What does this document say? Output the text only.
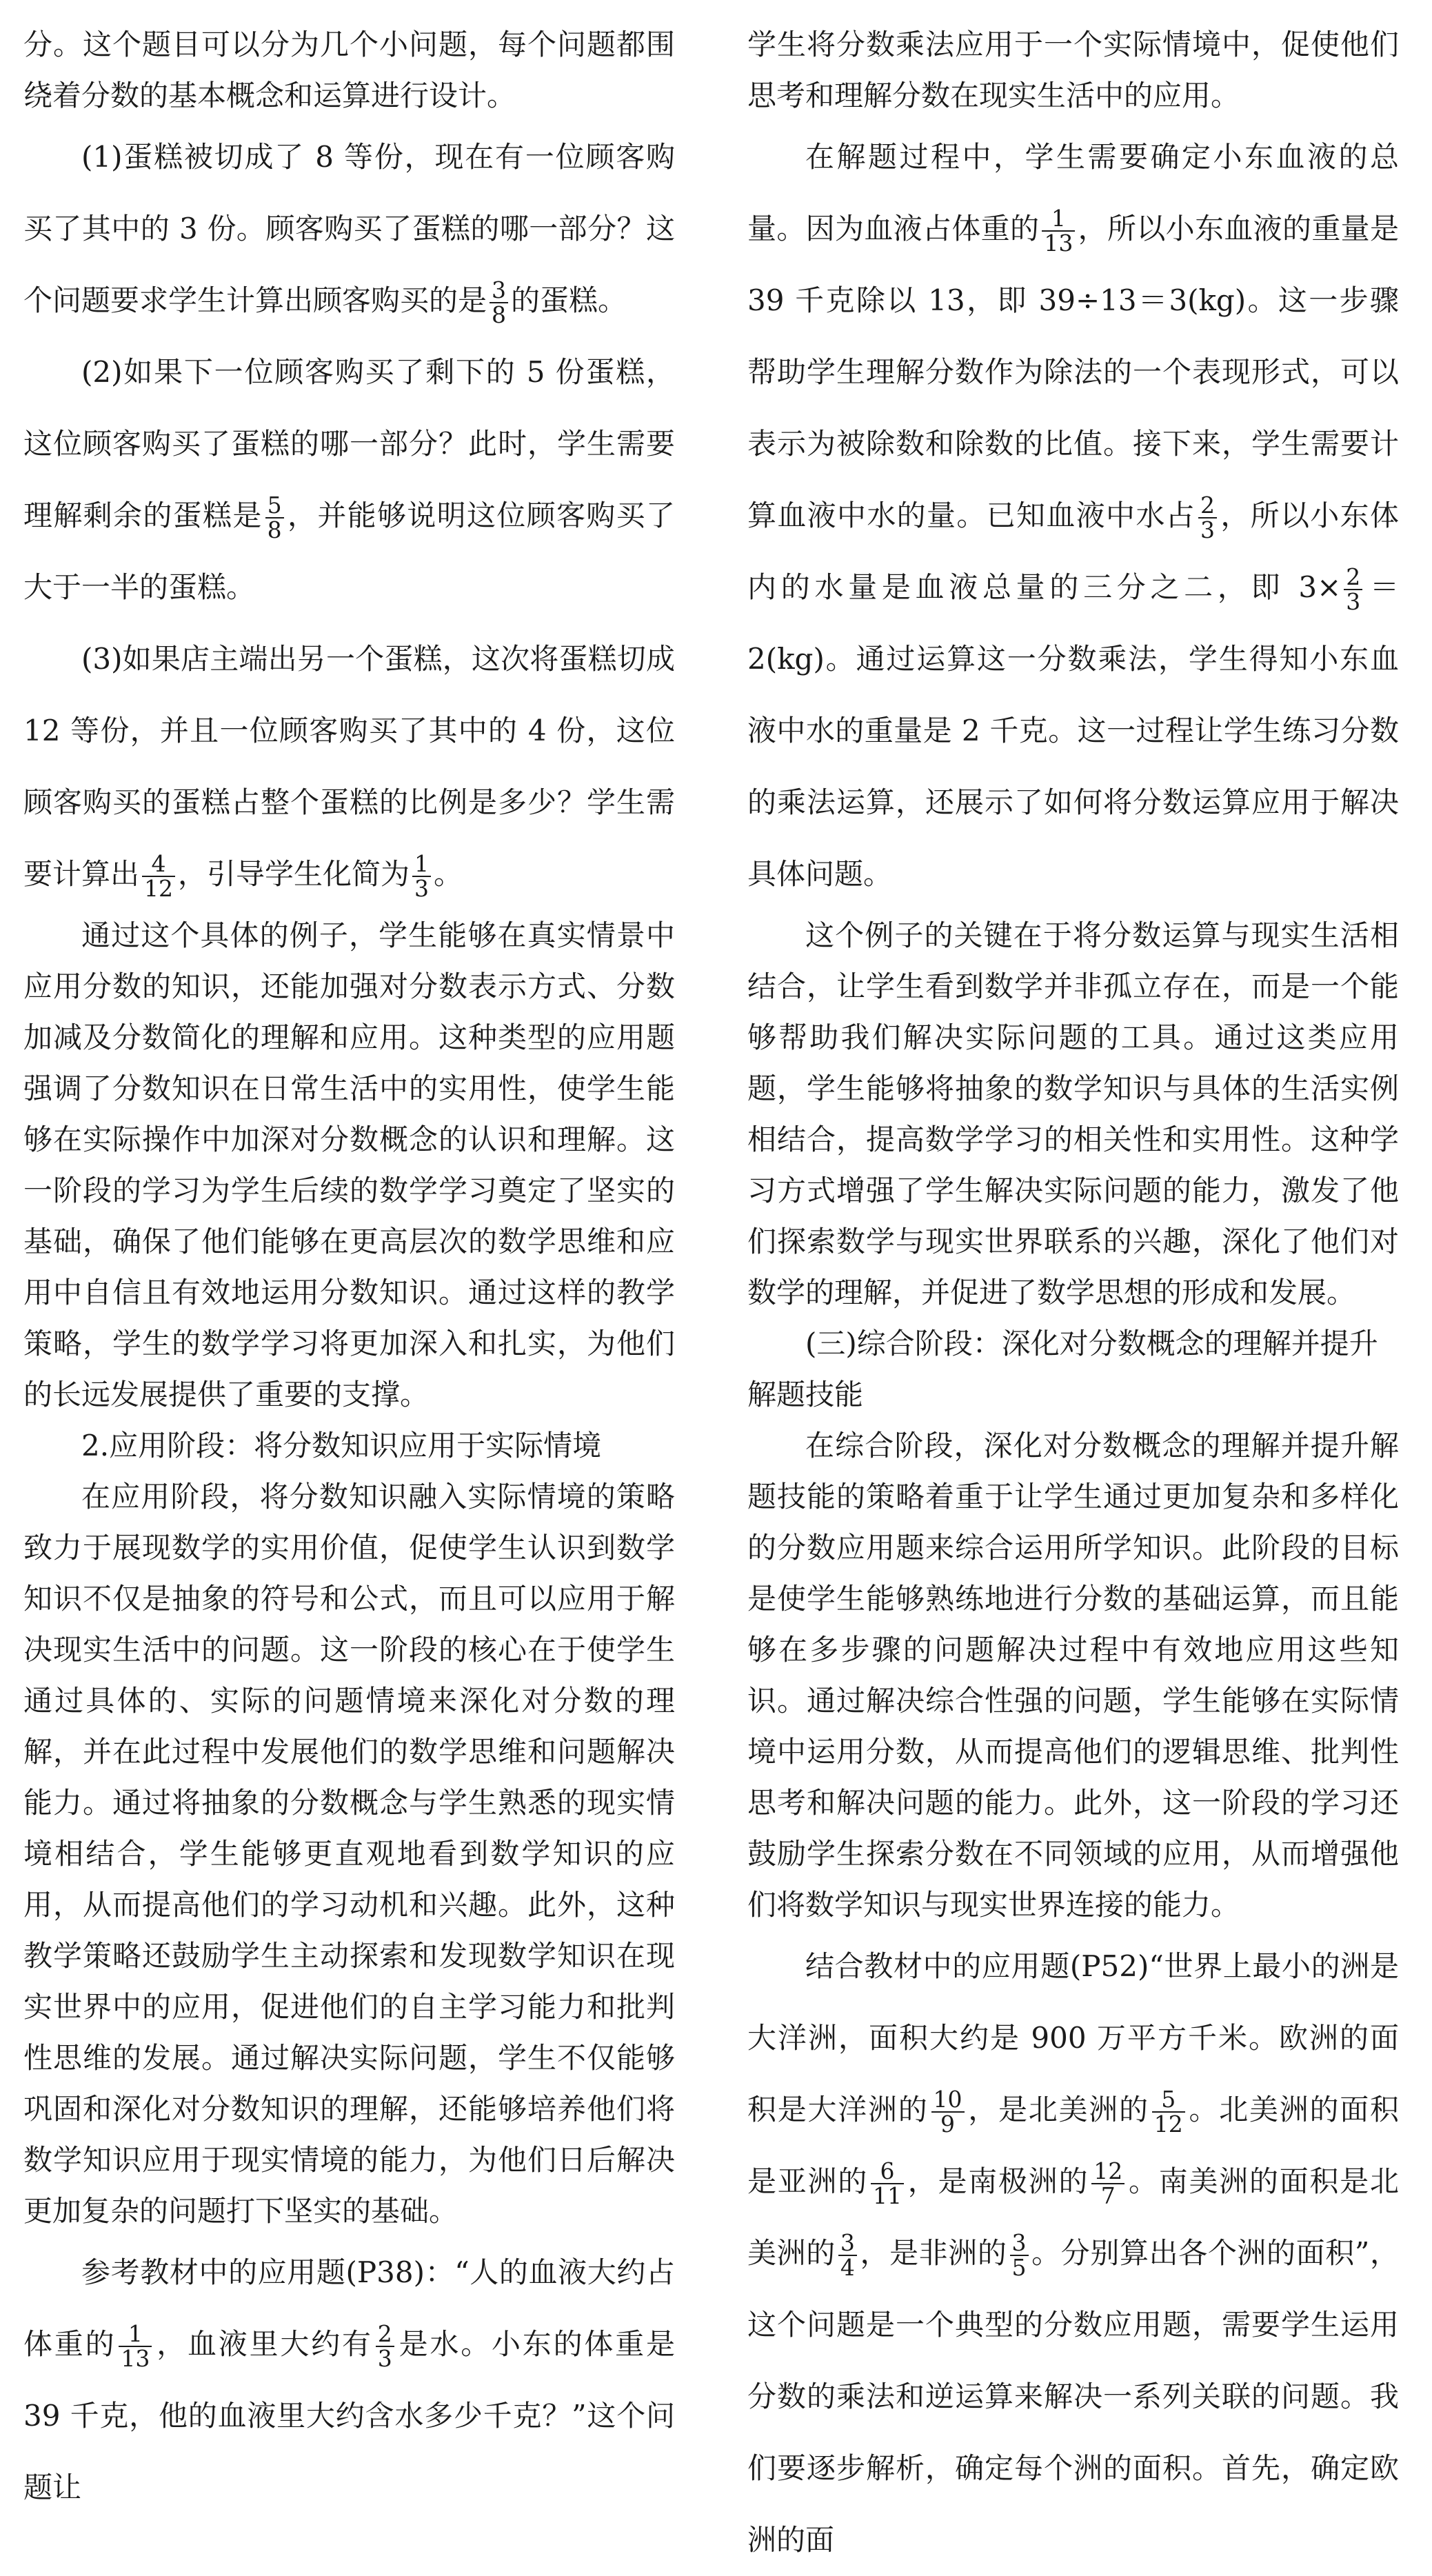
分。这个题目可以分为几个小问题，每个问题都围绕着分数的基本概念和运算进行设计。

(1)蛋糕被切成了 8 等份，现在有一位顾客购买了其中的 3 份。顾客购买了蛋糕的哪一部分？这个问题要求学生计算出顾客购买的是 $\frac{3}{8}$ 的蛋糕。

(2)如果下一位顾客购买了剩下的 5 份蛋糕，这位顾客购买了蛋糕的哪一部分？此时，学生需要理解剩余的蛋糕是 $\frac{5}{8}$ ，并能够说明这位顾客购买了大于一半的蛋糕。

(3)如果店主端出另一个蛋糕，这次将蛋糕切成 12 等份，并且一位顾客购买了其中的 4 份，这位顾客购买的蛋糕占整个蛋糕的比例是多少？学生需要计算出 $\frac{4}{12}$ ，引导学生化简为 $\frac{1}{3}$ 。

通过这个具体的例子，学生能够在真实情景中应用分数的知识，还能加强对分数表示方式、分数加减及分数简化的理解和应用。这种类型的应用题强调了分数知识在日常生活中的实用性，使学生能够在实际操作中加深对分数概念的认识和理解。这一阶段的学习为学生后续的数学学习奠定了坚实的基础，确保了他们能够在更高层次的数学思维和应用中自信且有效地运用分数知识。通过这样的教学策略，学生的数学学习将更加深入和扎实，为他们的长远发展提供了重要的支撑。

2.应用阶段：将分数知识应用于实际情境

在应用阶段，将分数知识融入实际情境的策略致力于展现数学的实用价值，促使学生认识到数学知识不仅是抽象的符号和公式，而且可以应用于解决现实生活中的问题。这一阶段的核心在于使学生通过具体的、实际的问题情境来深化对分数的理解，并在此过程中发展他们的数学思维和问题解决能力。通过将抽象的分数概念与学生熟悉的现实情境相结合，学生能够更直观地看到数学知识的应用，从而提高他们的学习动机和兴趣。此外，这种教学策略还鼓励学生主动探索和发现数学知识在现实世界中的应用，促进他们的自主学习能力和批判性思维的发展。通过解决实际问题，学生不仅能够巩固和深化对分数知识的理解，还能够培养他们将数学知识应用于现实情境的能力，为他们日后解决更加复杂的问题打下坚实的基础。

参考教材中的应用题(P38)：“人的血液大约占体重的 $\frac{1}{13}$ ，血液里大约有 $\frac{2}{3}$ 是水。小东的体重是 39 千克，他的血液里大约含水多少千克？”这个问题让

学生将分数乘法应用于一个实际情境中，促使他们思考和理解分数在现实生活中的应用。

在解题过程中，学生需要确定小东血液的总量。因为血液占体重的 $\frac{1}{13}$ ，所以小东血液的重量是 39 千克除以 13，即 39÷13＝3(kg)。这一步骤帮助学生理解分数作为除法的一个表现形式，可以表示为被除数和除数的比值。接下来，学生需要计算血液中水的量。已知血液中水占 $\frac{2}{3}$ ，所以小东体内的水量是血液总量的三分之二，即 $3\times \frac{2}{3} =2(kg)$。通过运算这一分数乘法，学生得知小东血液中水的重量是 2 千克。这一过程让学生练习分数的乘法运算，还展示了如何将分数运算应用于解决具体问题。

这个例子的关键在于将分数运算与现实生活相结合，让学生看到数学并非孤立存在，而是一个能够帮助我们解决实际问题的工具。通过这类应用题，学生能够将抽象的数学知识与具体的生活实例相结合，提高数学学习的相关性和实用性。这种学习方式增强了学生解决实际问题的能力，激发了他们探索数学与现实世界联系的兴趣，深化了他们对数学的理解，并促进了数学思想的形成和发展。

(三)综合阶段：深化对分数概念的理解并提升

解题技能

在综合阶段，深化对分数概念的理解并提升解题技能的策略着重于让学生通过更加复杂和多样化的分数应用题来综合运用所学知识。此阶段的目标是使学生能够熟练地进行分数的基础运算，而且能够在多步骤的问题解决过程中有效地应用这些知识。通过解决综合性强的问题，学生能够在实际情境中运用分数，从而提高他们的逻辑思维、批判性思考和解决问题的能力。此外，这一阶段的学习还鼓励学生探索分数在不同领域的应用，从而增强他们将数学知识与现实世界连接的能力。

结合教材中的应用题(P52)“世界上最小的洲是大洋洲，面积大约是 900 万平方千米。欧洲的面积是大洋洲的 $\frac{10}{9}$ ，是北美洲的 $\frac{5}{12}$ 。北美洲的面积是亚洲的 $\frac{6}{11}$ ，是南极洲的 $\frac{12}{7}$ 。南美洲的面积是北美洲的 $\frac{3}{4}$ ，是非洲的 $\frac{3}{5}$ 。分别算出各个洲的面积”，这个问题是一个典型的分数应用题，需要学生运用分数的乘法和逆运算来解决一系列关联的问题。我们要逐步解析，确定每个洲的面积。首先，确定欧洲的面
